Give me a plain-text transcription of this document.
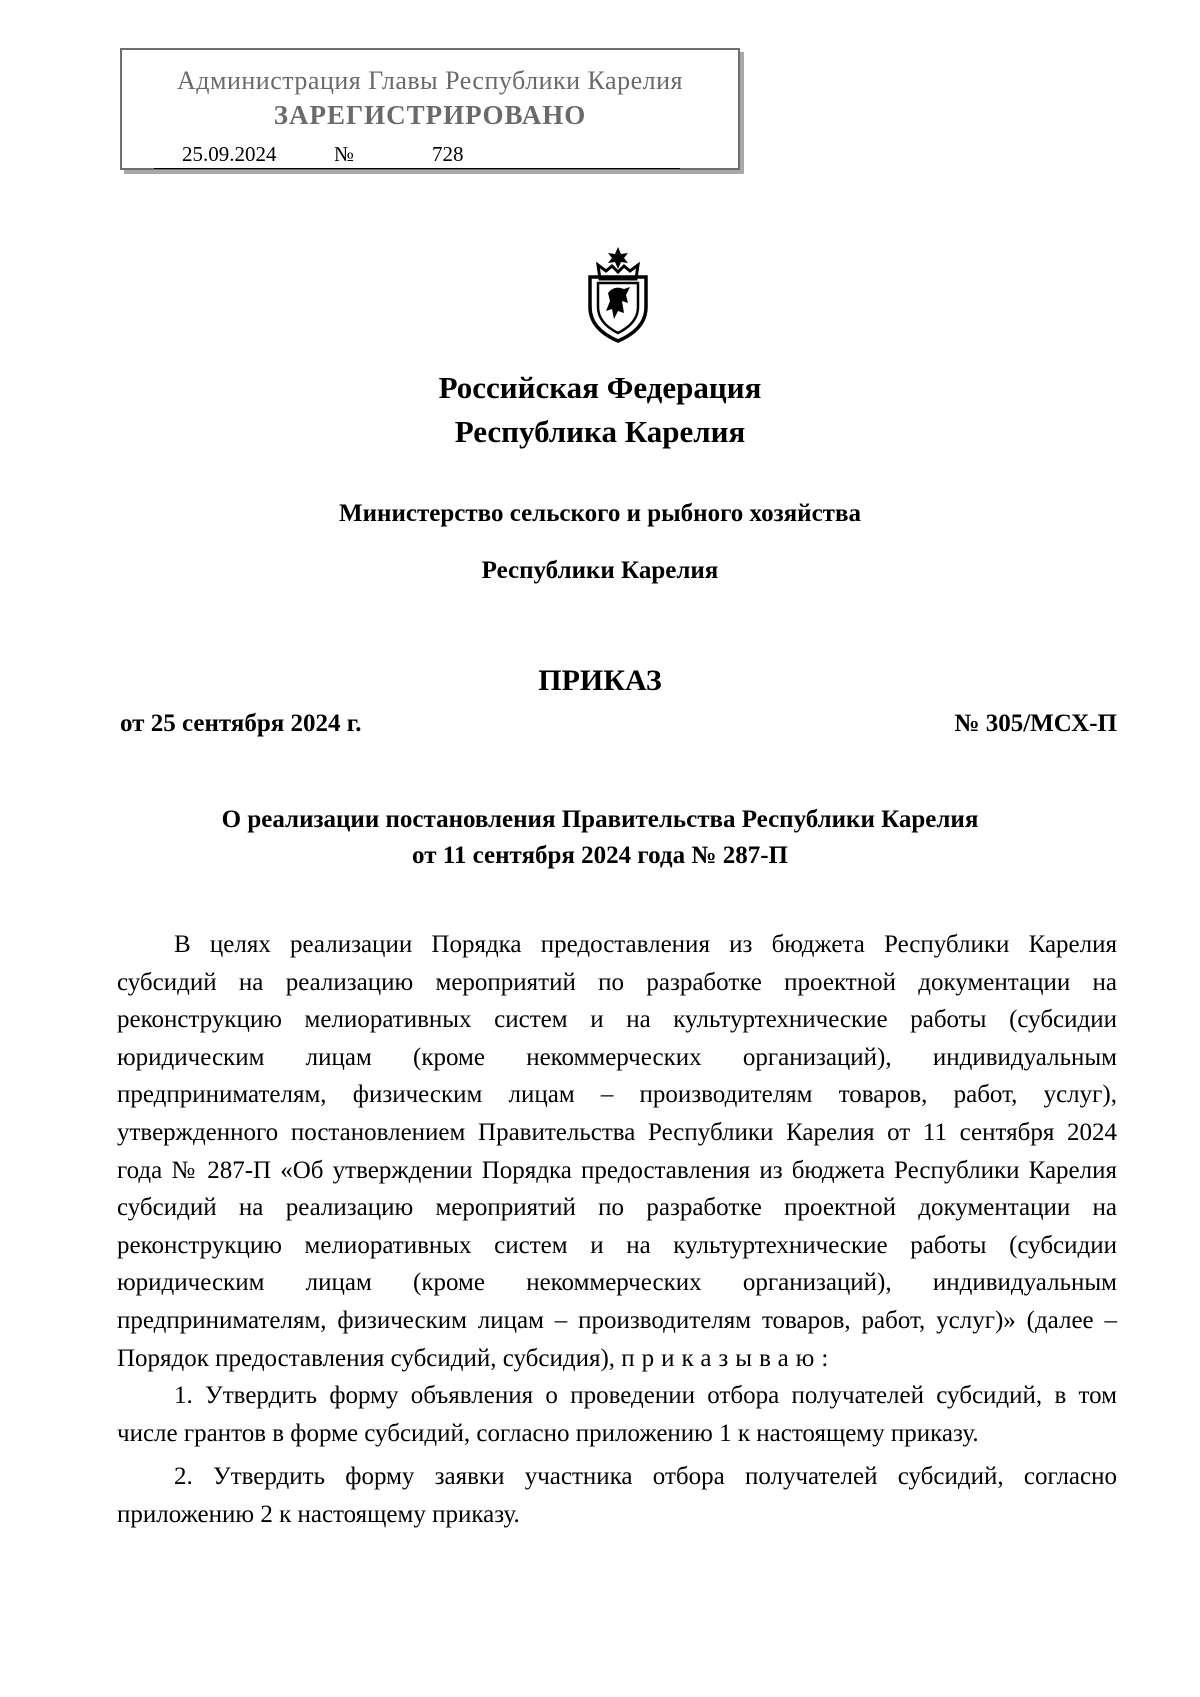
Администрация Главы Республики Карелия
ЗАРЕГИСТРИРОВАНО
25.09.2024	№	728
Российская Федерация
Республика Карелия
Министерство сельского и рыбного хозяйства
Республики Карелия
ПРИКАЗ
от 25 сентября 2024 г.	№ 305/МСХ-П
О реализации постановления Правительства Республики Карелия
от 11 сентября 2024 года № 287-П

В целях реализации Порядка предоставления из бюджета Республики Карелия субсидий на реализацию мероприятий по разработке проектной документации на реконструкцию мелиоративных систем и на культуртехнические работы (субсидии юридическим лицам (кроме некоммерческих организаций), индивидуальным предпринимателям, физическим лицам – производителям товаров, работ, услуг), утвержденного постановлением Правительства Республики Карелия от 11 сентября 2024 года № 287-П «Об утверждении Порядка предоставления из бюджета Республики Карелия субсидий на реализацию мероприятий по разработке проектной документации на реконструкцию мелиоративных систем и на культуртехнические работы (субсидии юридическим лицам (кроме некоммерческих организаций), индивидуальным предпринимателям, физическим лицам – производителям товаров, работ, услуг)» (далее – Порядок предоставления субсидий, субсидия), приказываю:

1. Утвердить форму объявления о проведении отбора получателей субсидий, в том числе грантов в форме субсидий, согласно приложению 1 к настоящему приказу.

2. Утвердить форму заявки участника отбора получателей субсидий, согласно приложению 2 к настоящему приказу.
